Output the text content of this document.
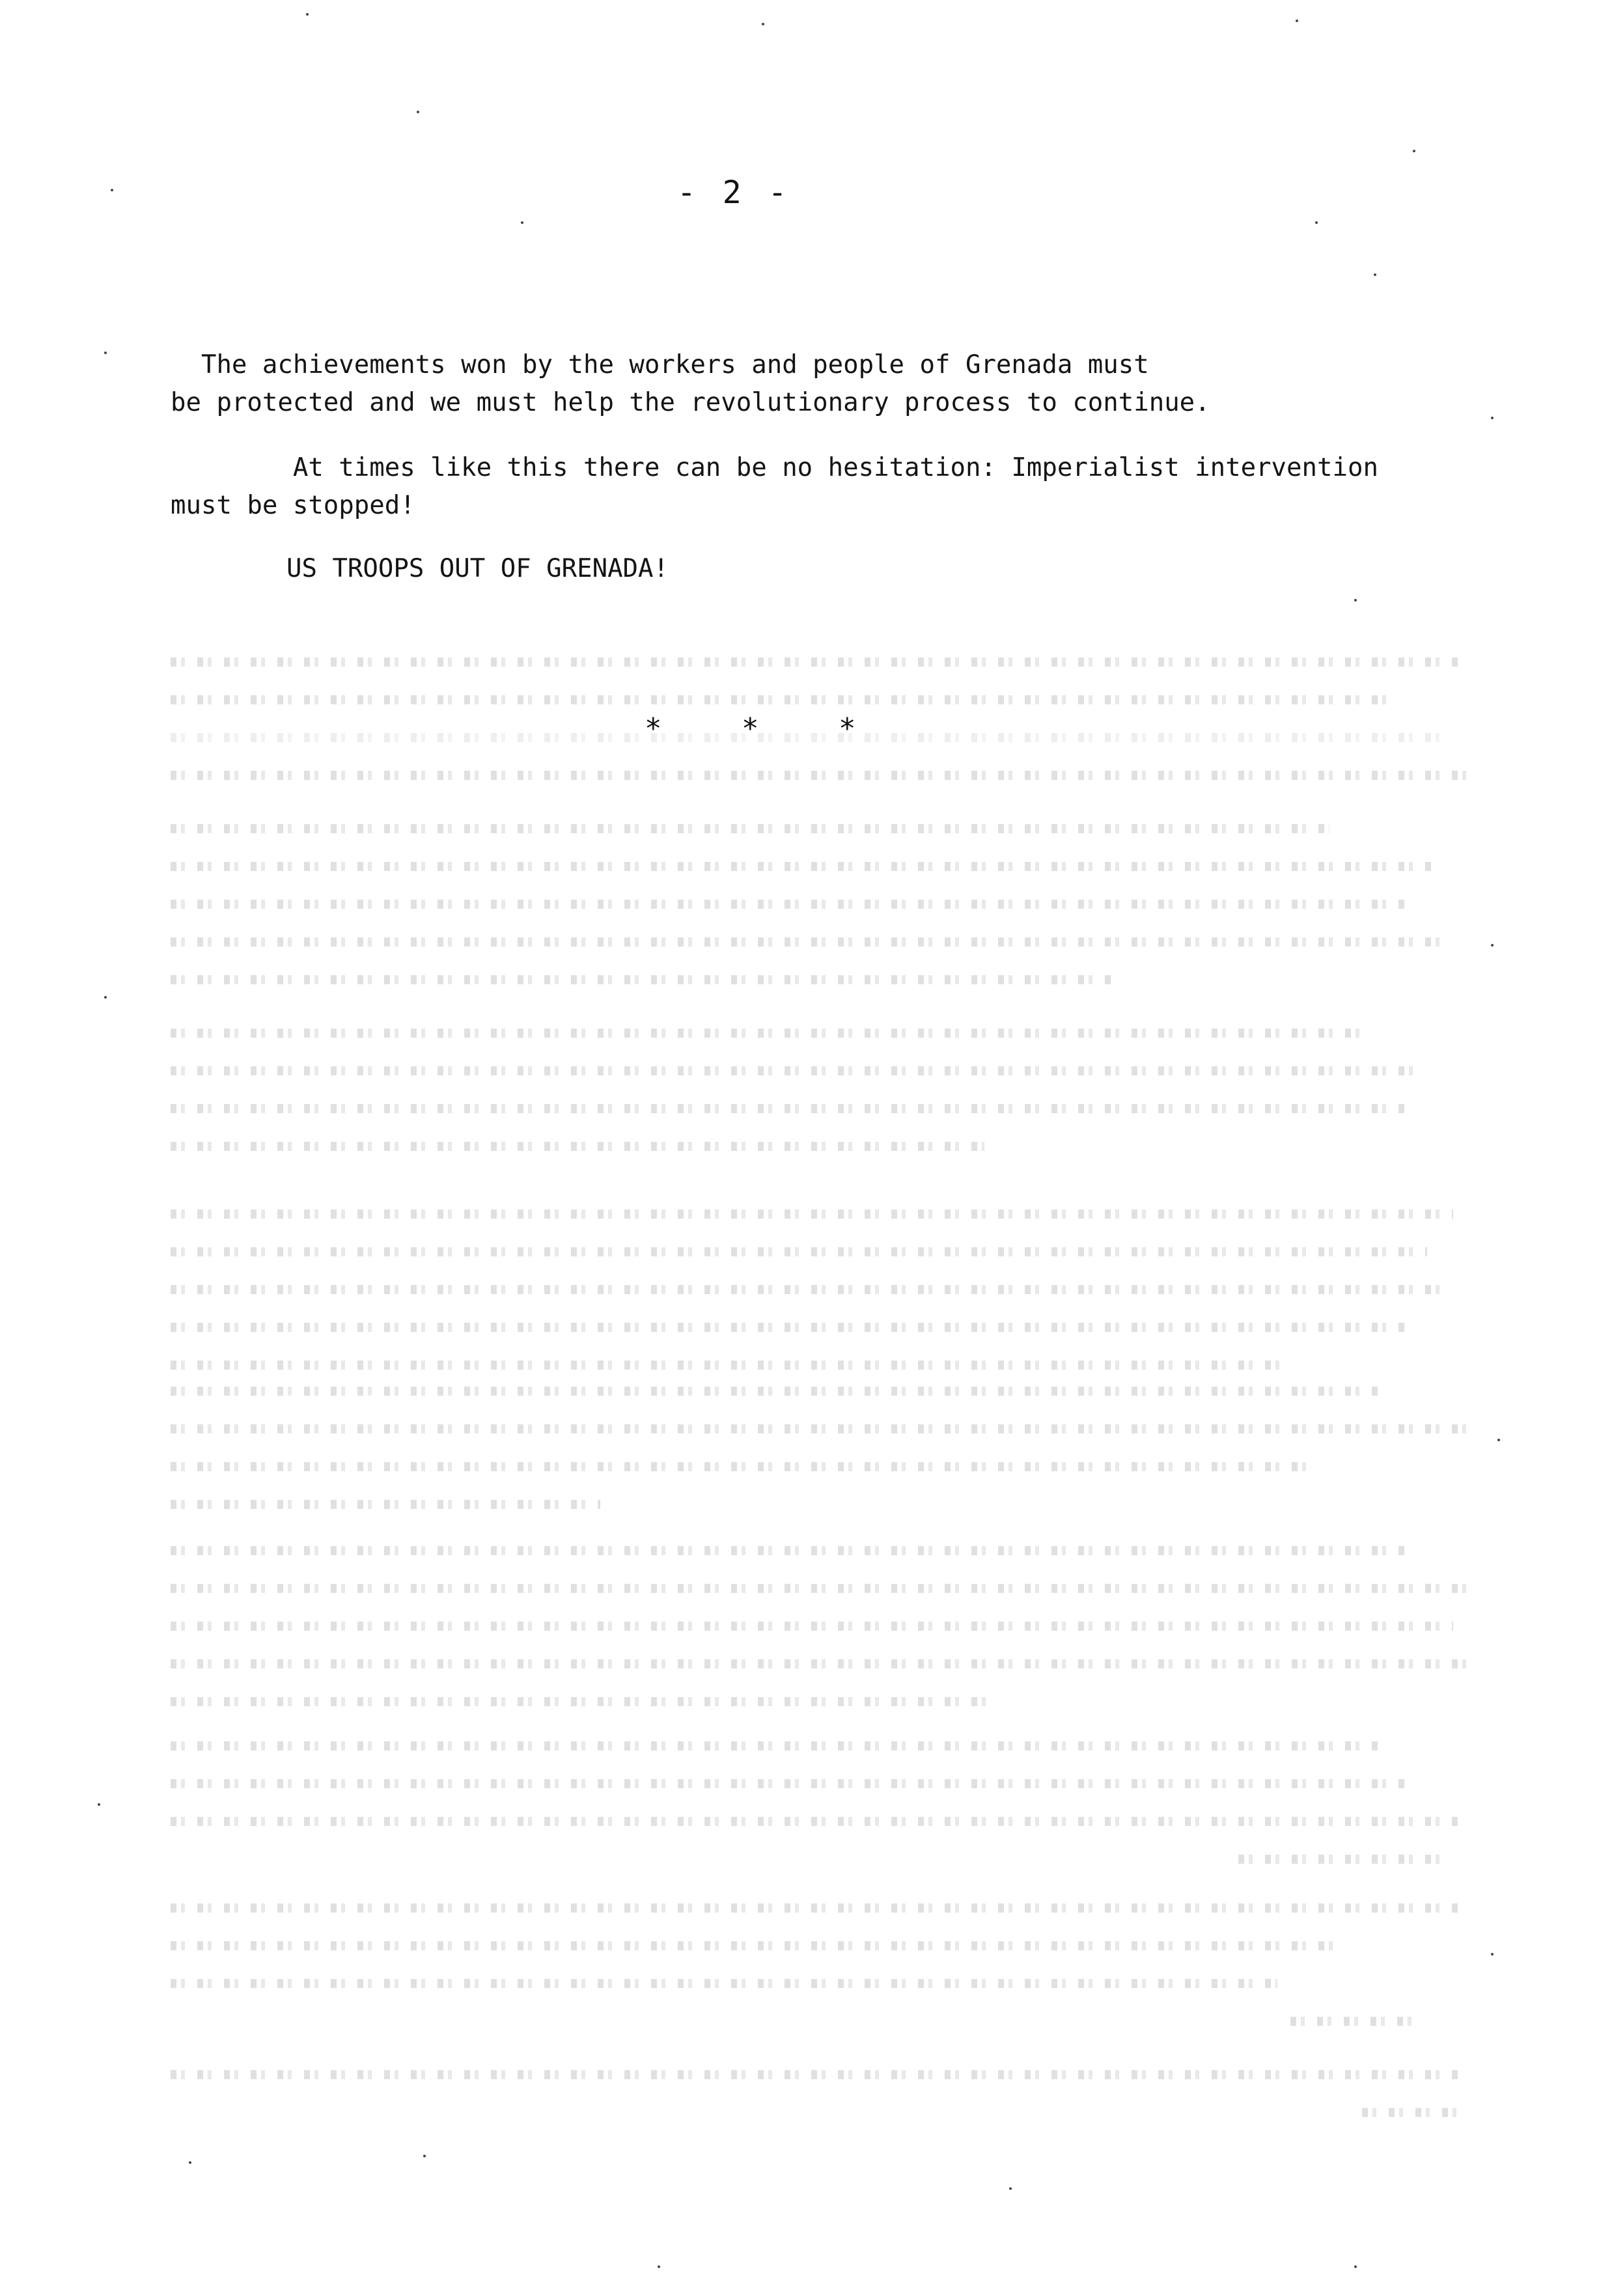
- 2 -
The achievements won by the workers and people of Grenada must
be protected and we must help the revolutionary process to continue.
At times like this there can be no hesitation: Imperialist intervention
must be stopped!
US TROOPS OUT OF GRENADA!
*	*	*
